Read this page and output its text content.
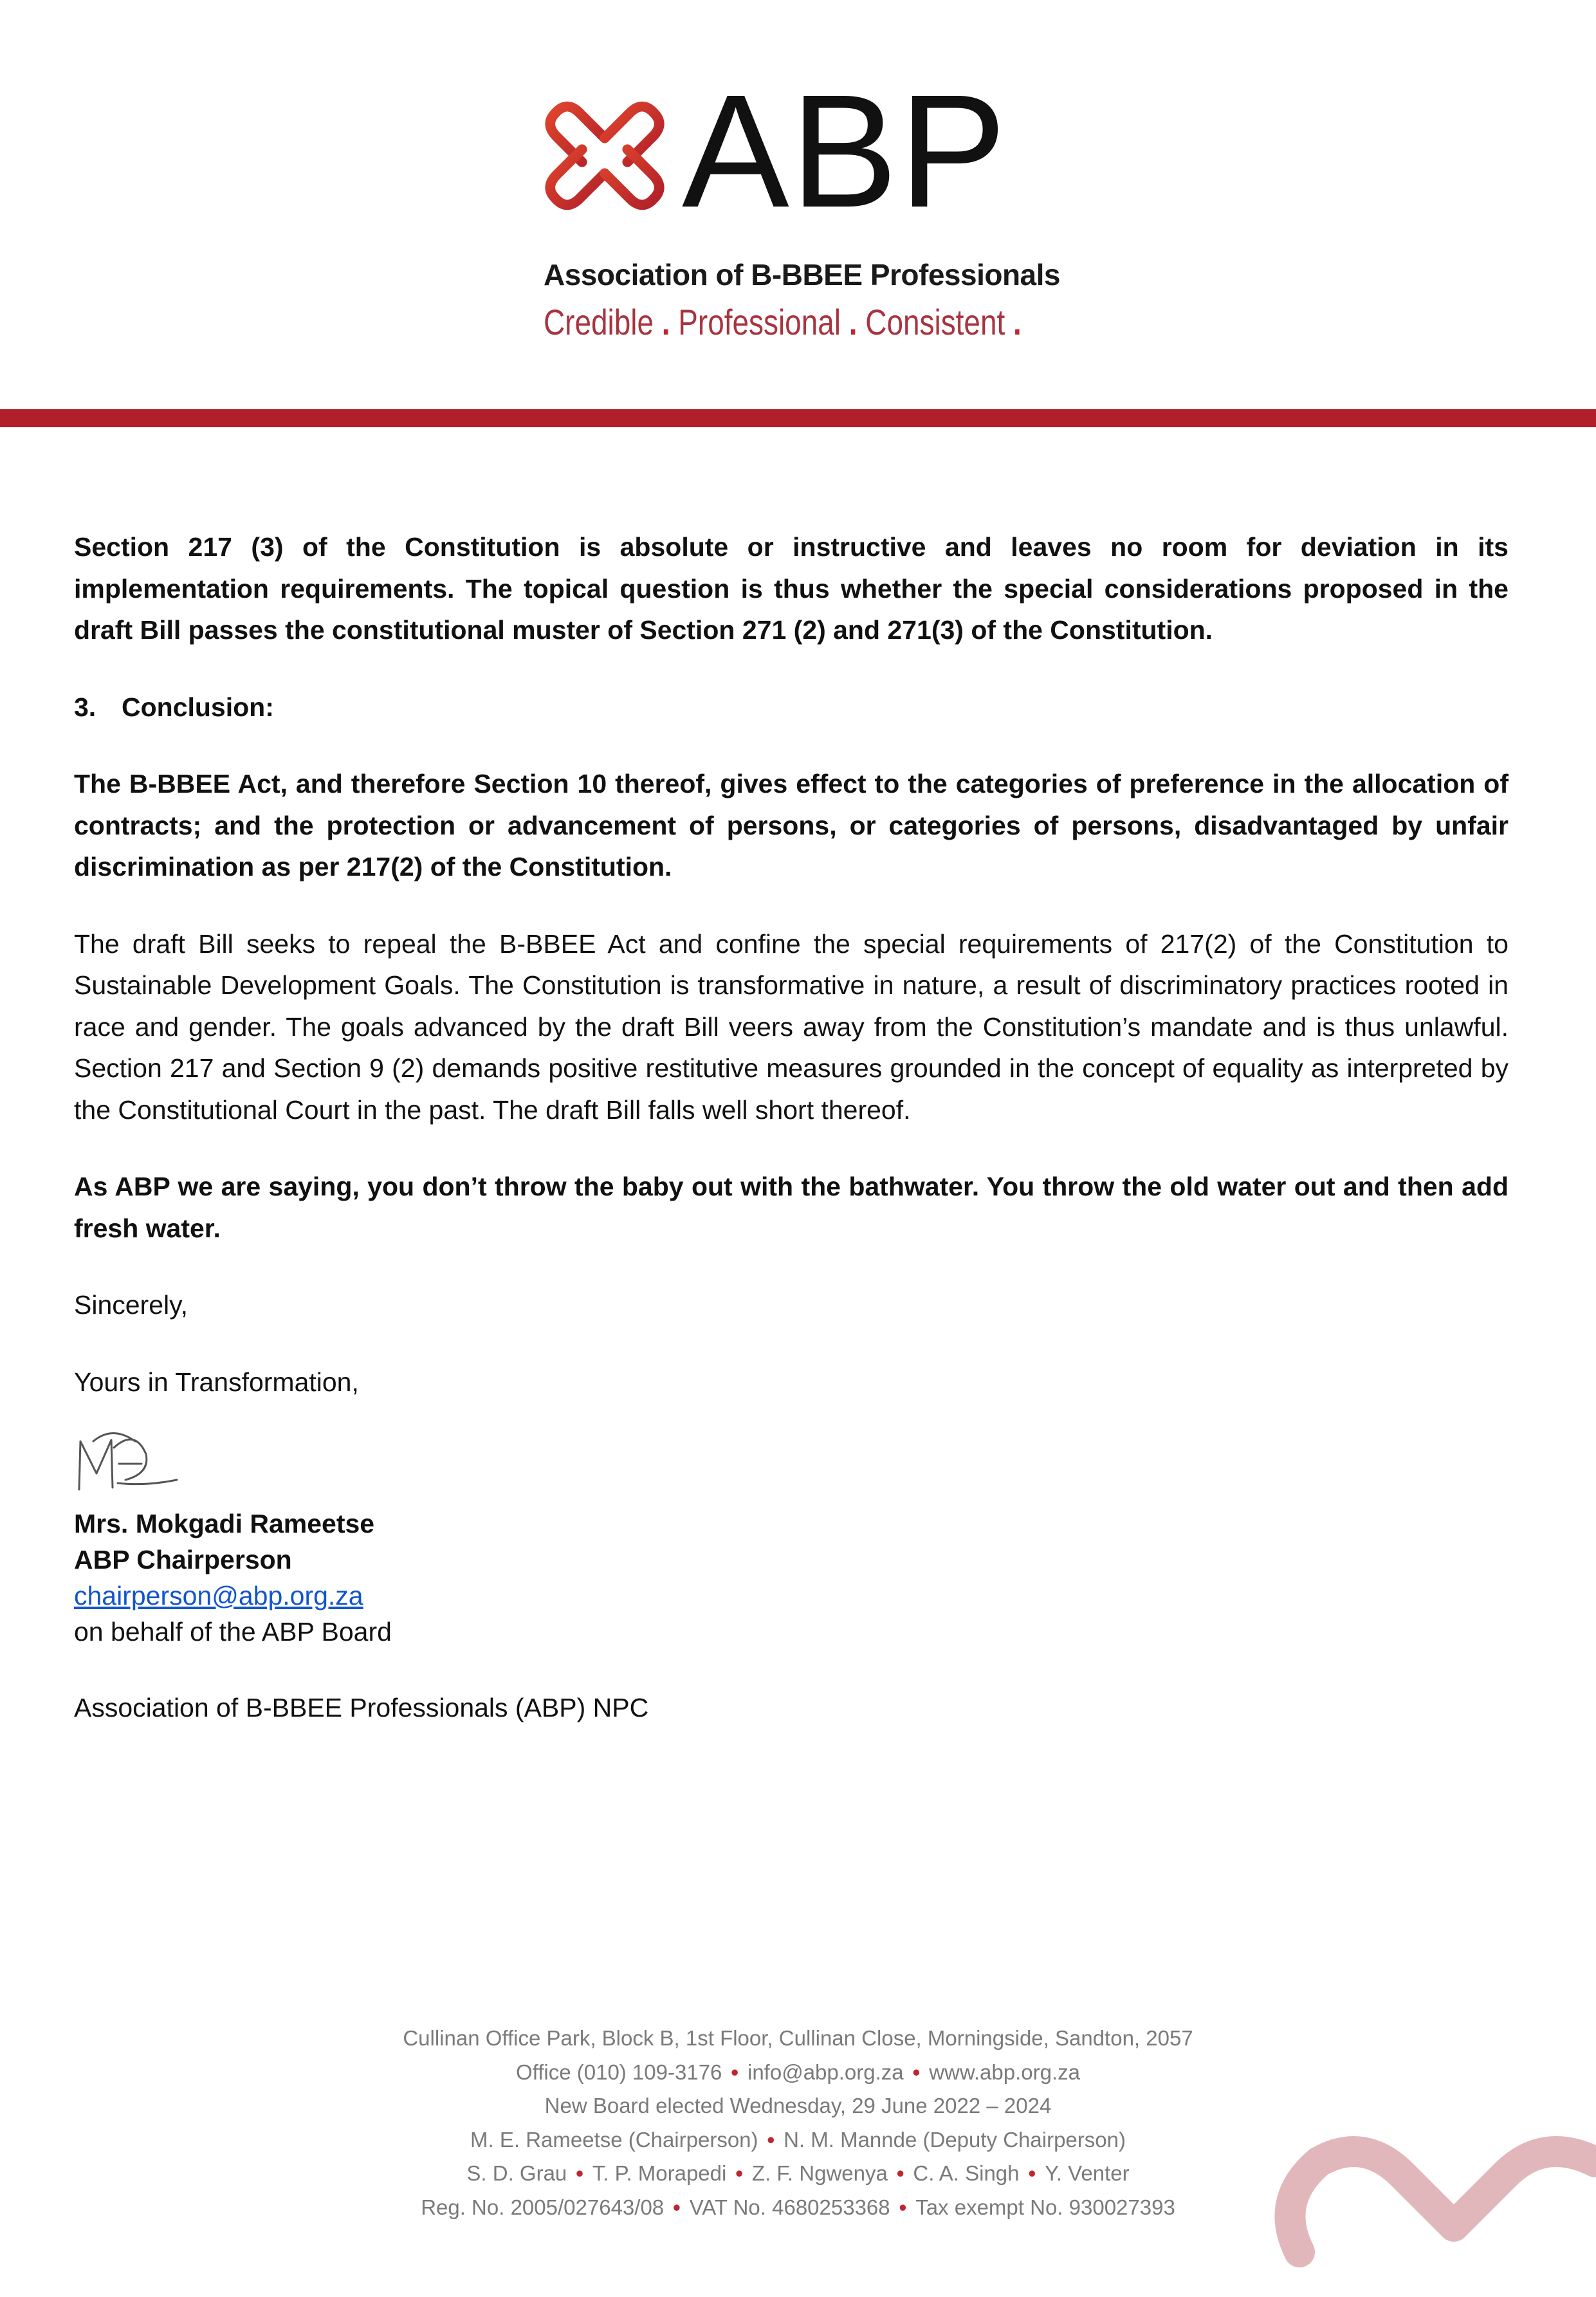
ABP
Association of B-BBEE Professionals
Credible . Professional . Consistent .

Section 217 (3) of the Constitution is absolute or instructive and leaves no room for deviation in its implementation requirements. The topical question is thus whether the special considerations proposed in the draft Bill passes the constitutional muster of Section 271 (2) and 271(3) of the Constitution.

3. Conclusion:

The B-BBEE Act, and therefore Section 10 thereof, gives effect to the categories of preference in the allocation of contracts; and the protection or advancement of persons, or categories of persons, disadvantaged by unfair discrimination as per 217(2) of the Constitution.

The draft Bill seeks to repeal the B-BBEE Act and confine the special requirements of 217(2) of the Constitution to Sustainable Development Goals. The Constitution is transformative in nature, a result of discriminatory practices rooted in race and gender. The goals advanced by the draft Bill veers away from the Constitution’s mandate and is thus unlawful. Section 217 and Section 9 (2) demands positive restitutive measures grounded in the concept of equality as interpreted by the Constitutional Court in the past. The draft Bill falls well short thereof.

As ABP we are saying, you don’t throw the baby out with the bathwater. You throw the old water out and then add fresh water.

Sincerely,

Yours in Transformation,

Mrs. Mokgadi Rameetse
ABP Chairperson
chairperson@abp.org.za
on behalf of the ABP Board
Association of B-BBEE Professionals (ABP) NPC
Cullinan Office Park, Block B, 1st Floor, Cullinan Close, Morningside, Sandton, 2057
Office (010) 109-3176 • info@abp.org.za • www.abp.org.za
New Board elected Wednesday, 29 June 2022 – 2024
M. E. Rameetse (Chairperson) • N. M. Mannde (Deputy Chairperson)
S. D. Grau • T. P. Morapedi • Z. F. Ngwenya • C. A. Singh • Y. Venter
Reg. No. 2005/027643/08 • VAT No. 4680253368 • Tax exempt No. 930027393
